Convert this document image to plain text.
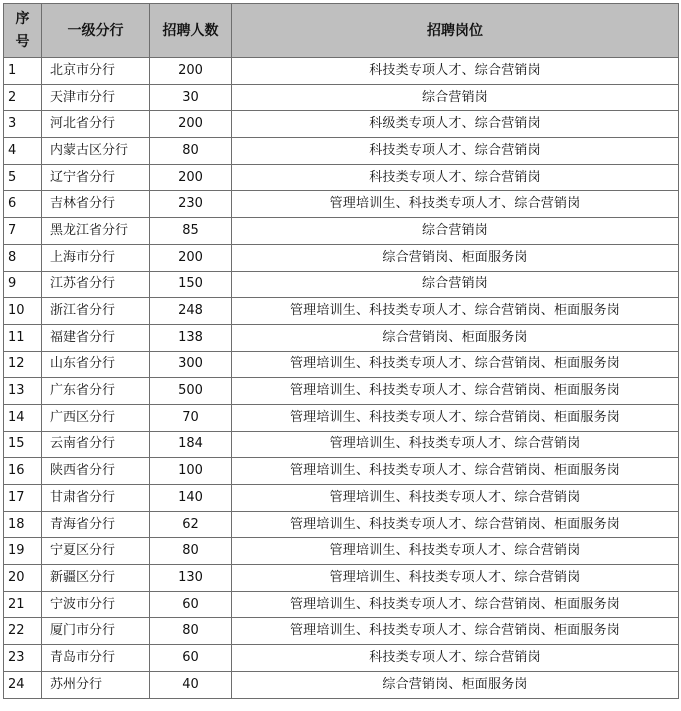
序
号	一级分行	招聘人数	招聘岗位
1	北京市分行	200	科技类专项人才、综合营销岗
2	天津市分行	30	综合营销岗
3	河北省分行	200	科级类专项人才、综合营销岗
4	内蒙古区分行	80	科技类专项人才、综合营销岗
5	辽宁省分行	200	科技类专项人才、综合营销岗
6	吉林省分行	230	管理培训生、科技类专项人才、综合营销岗
7	黑龙江省分行	85	综合营销岗
8	上海市分行	200	综合营销岗、柜面服务岗
9	江苏省分行	150	综合营销岗
10	浙江省分行	248	管理培训生、科技类专项人才、综合营销岗、柜面服务岗
11	福建省分行	138	综合营销岗、柜面服务岗
12	山东省分行	300	管理培训生、科技类专项人才、综合营销岗、柜面服务岗
13	广东省分行	500	管理培训生、科技类专项人才、综合营销岗、柜面服务岗
14	广西区分行	70	管理培训生、科技类专项人才、综合营销岗、柜面服务岗
15	云南省分行	184	管理培训生、科技类专项人才、综合营销岗
16	陕西省分行	100	管理培训生、科技类专项人才、综合营销岗、柜面服务岗
17	甘肃省分行	140	管理培训生、科技类专项人才、综合营销岗
18	青海省分行	62	管理培训生、科技类专项人才、综合营销岗、柜面服务岗
19	宁夏区分行	80	管理培训生、科技类专项人才、综合营销岗
20	新疆区分行	130	管理培训生、科技类专项人才、综合营销岗
21	宁波市分行	60	管理培训生、科技类专项人才、综合营销岗、柜面服务岗
22	厦门市分行	80	管理培训生、科技类专项人才、综合营销岗、柜面服务岗
23	青岛市分行	60	科技类专项人才、综合营销岗
24	苏州分行	40	综合营销岗、柜面服务岗
